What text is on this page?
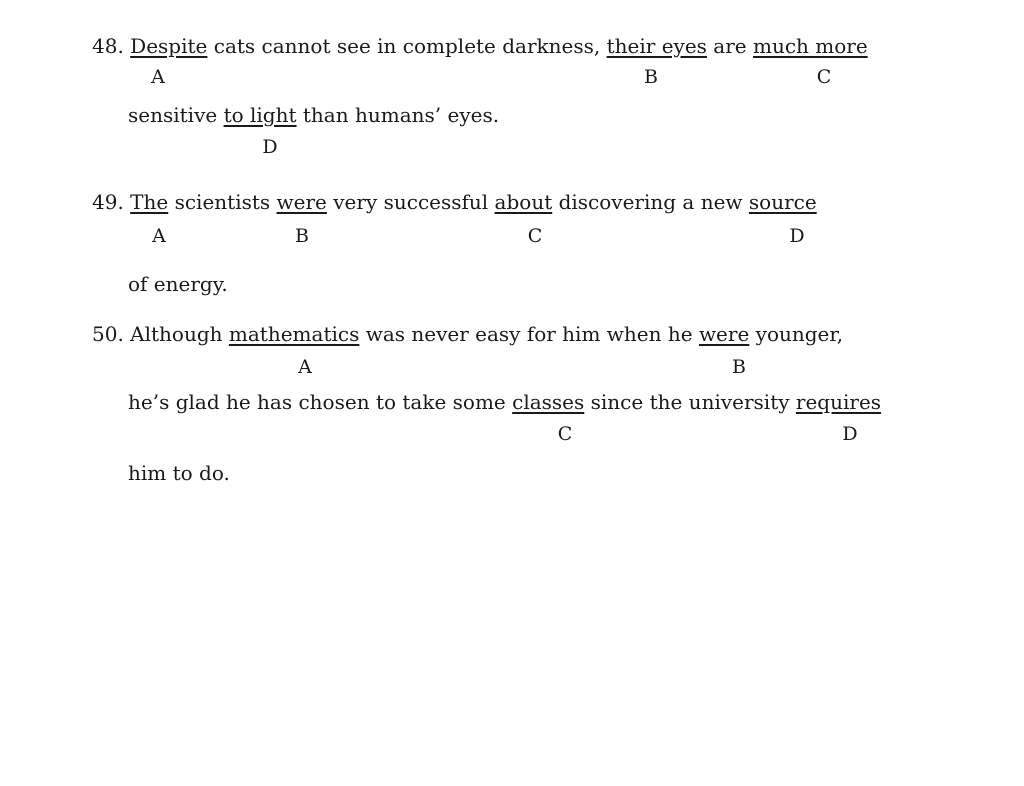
48. Despite cats cannot see in complete darkness, their eyes are much more

A	B	C

sensitive to light than humans’ eyes.

D

49. The scientists were very successful about discovering a new source

A	B	C	D

of energy.

50. Although mathematics was never easy for him when he were younger,

A	B

he’s glad he has chosen to take some classes since the university requires

C	D

him to do.
